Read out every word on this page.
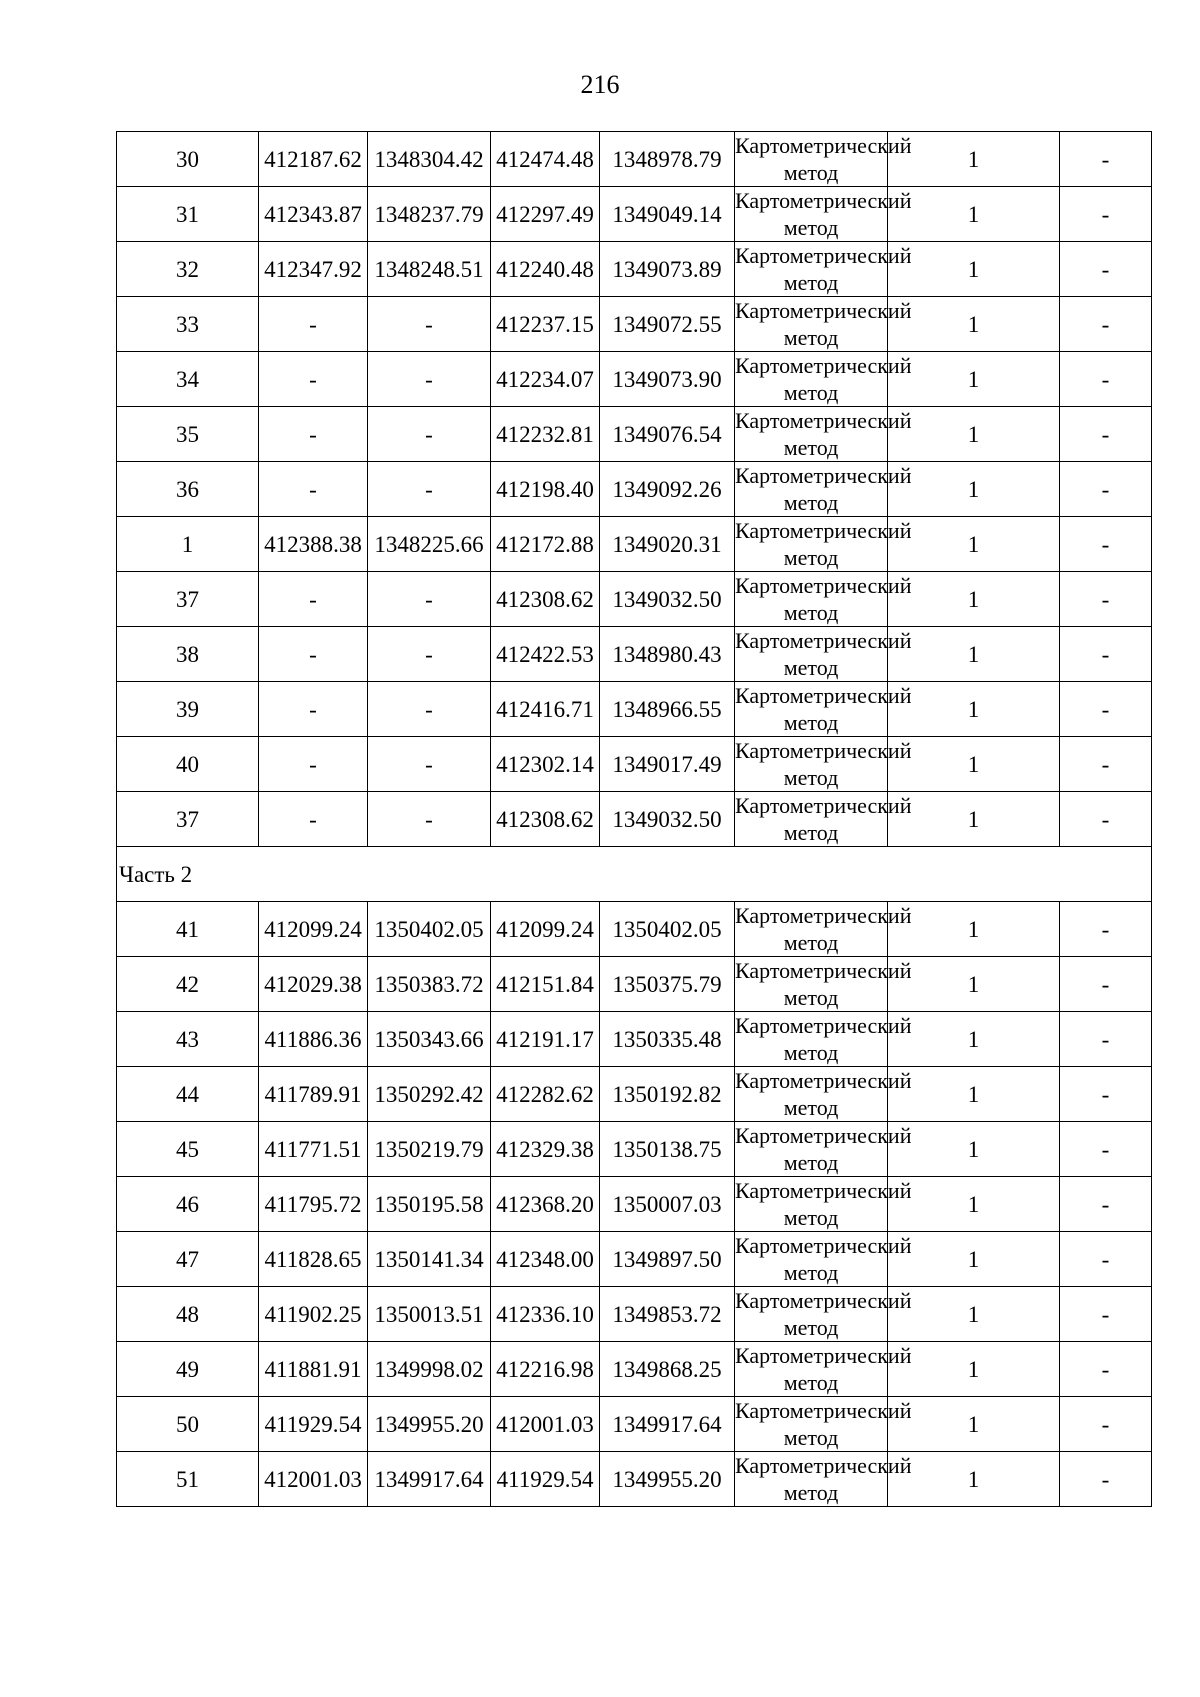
216
30	412187.62	1348304.42	412474.48	1348978.79	Картометрический метод	1	-
31	412343.87	1348237.79	412297.49	1349049.14	Картометрический метод	1	-
32	412347.92	1348248.51	412240.48	1349073.89	Картометрический метод	1	-
33	-	-	412237.15	1349072.55	Картометрический метод	1	-
34	-	-	412234.07	1349073.90	Картометрический метод	1	-
35	-	-	412232.81	1349076.54	Картометрический метод	1	-
36	-	-	412198.40	1349092.26	Картометрический метод	1	-
1	412388.38	1348225.66	412172.88	1349020.31	Картометрический метод	1	-
37	-	-	412308.62	1349032.50	Картометрический метод	1	-
38	-	-	412422.53	1348980.43	Картометрический метод	1	-
39	-	-	412416.71	1348966.55	Картометрический метод	1	-
40	-	-	412302.14	1349017.49	Картометрический метод	1	-
37	-	-	412308.62	1349032.50	Картометрический метод	1	-
Часть 2							
41	412099.24	1350402.05	412099.24	1350402.05	Картометрический метод	1	-
42	412029.38	1350383.72	412151.84	1350375.79	Картометрический метод	1	-
43	411886.36	1350343.66	412191.17	1350335.48	Картометрический метод	1	-
44	411789.91	1350292.42	412282.62	1350192.82	Картометрический метод	1	-
45	411771.51	1350219.79	412329.38	1350138.75	Картометрический метод	1	-
46	411795.72	1350195.58	412368.20	1350007.03	Картометрический метод	1	-
47	411828.65	1350141.34	412348.00	1349897.50	Картометрический метод	1	-
48	411902.25	1350013.51	412336.10	1349853.72	Картометрический метод	1	-
49	411881.91	1349998.02	412216.98	1349868.25	Картометрический метод	1	-
50	411929.54	1349955.20	412001.03	1349917.64	Картометрический метод	1	-
51	412001.03	1349917.64	411929.54	1349955.20	Картометрический метод	1	-
